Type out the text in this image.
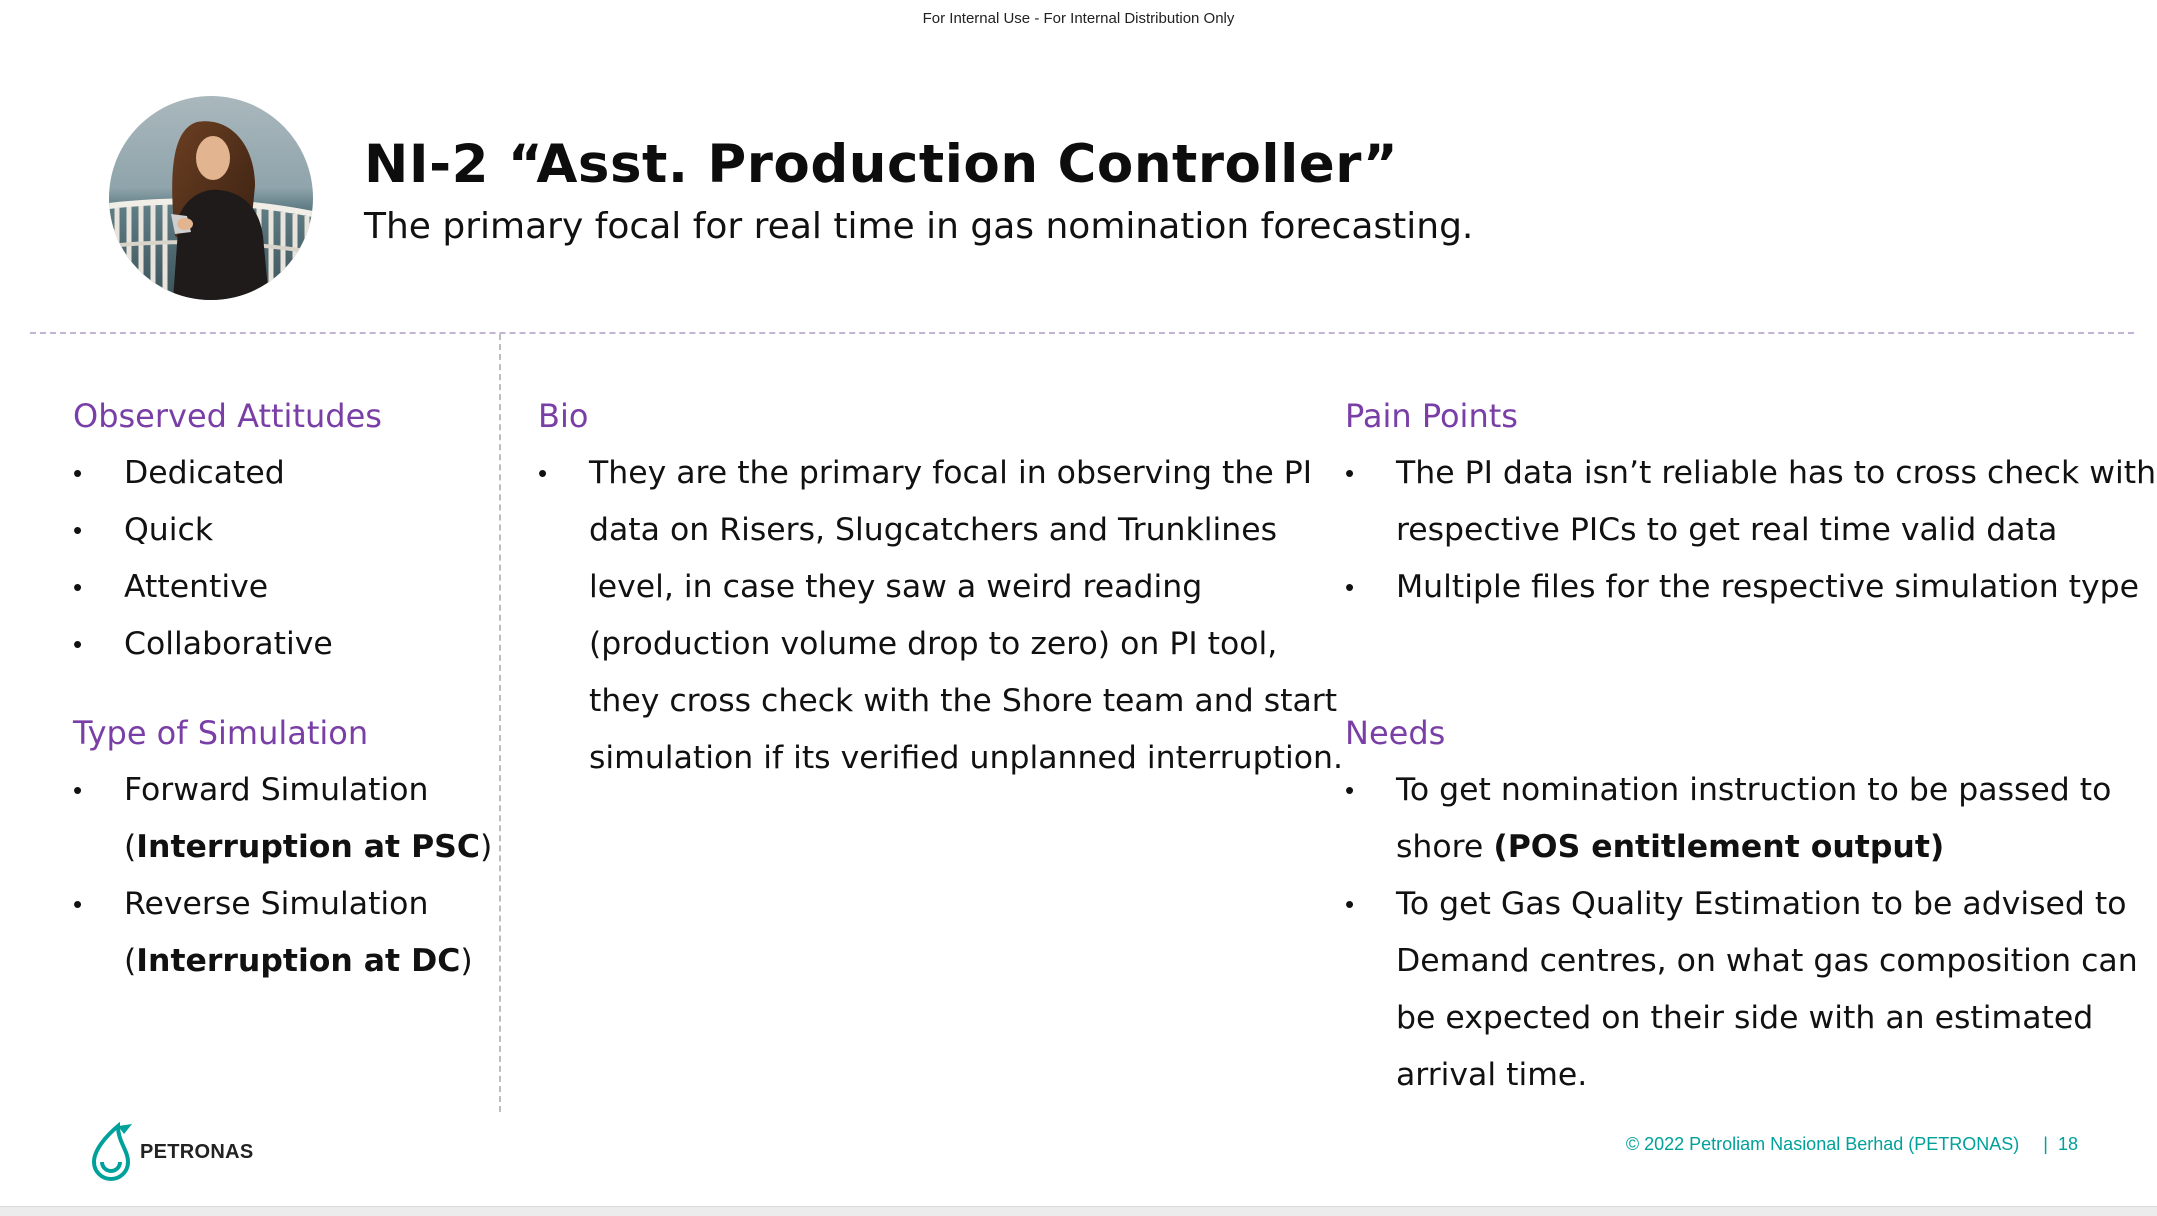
For Internal Use - For Internal Distribution Only
NI-2 “Asst. Production Controller”

The primary focal for real time in gas nomination forecasting.

Observed Attitudes
• Dedicated
• Quick
• Attentive
• Collaborative
Type of Simulation
• Forward Simulation
(Interruption at PSC)
• Reverse Simulation
(Interruption at DC)
Bio
• They are the primary focal in observing the PI
data on Risers, Slugcatchers and Trunklines
level, in case they saw a weird reading
(production volume drop to zero) on PI tool,
they cross check with the Shore team and start
simulation if its verified unplanned interruption.
Pain Points
• The PI data isn’t reliable has to cross check with
respective PICs to get real time valid data
• Multiple files for the respective simulation type
Needs
• To get nomination instruction to be passed to
shore (POS entitlement output)
• To get Gas Quality Estimation to be advised to
Demand centres, on what gas composition can
be expected on their side with an estimated
arrival time.
PETRONAS	© 2022 Petroliam Nasional Berhad (PETRONAS) | 18
